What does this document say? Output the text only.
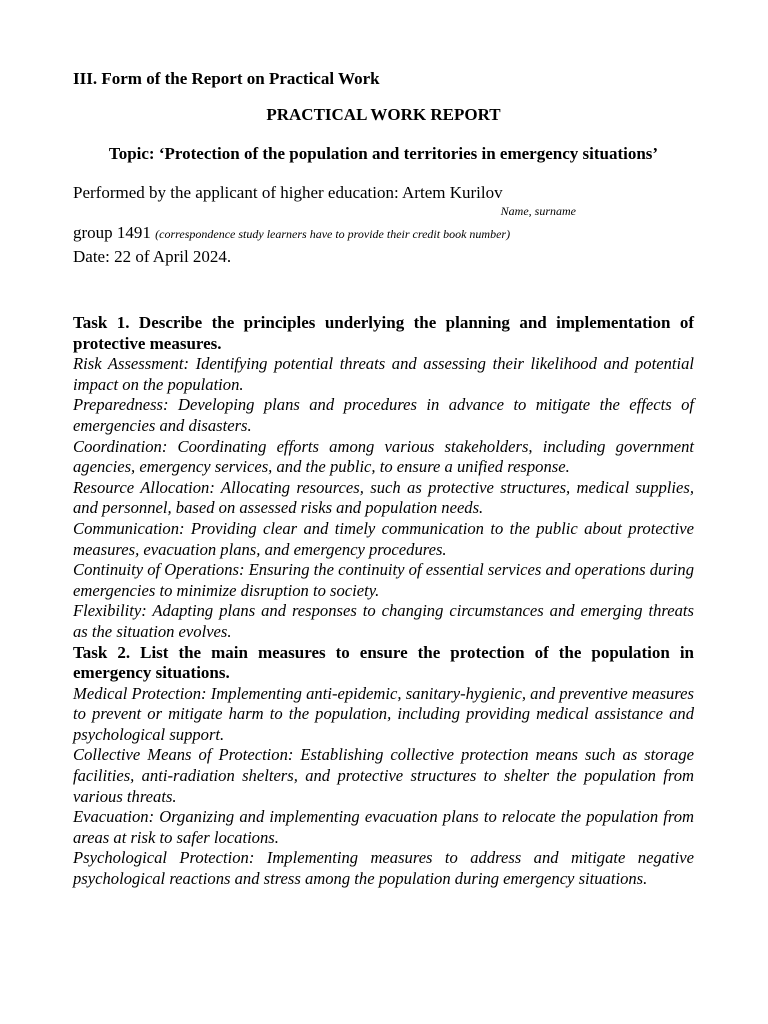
III. Form of the Report on Practical Work

PRACTICAL WORK REPORT

Topic: ‘Protection of the population and territories in emergency situations’

Performed by the applicant of higher education: Artem Kurilov

Name, surname

group 1491 (correspondence study learners have to provide their credit book number)

Date: 22 of April 2024.

Task 1. Describe the principles underlying the planning and implementation of protective measures.

Risk Assessment: Identifying potential threats and assessing their likelihood and potential impact on the population.

Preparedness: Developing plans and procedures in advance to mitigate the effects of emergencies and disasters.

Coordination: Coordinating efforts among various stakeholders, including government agencies, emergency services, and the public, to ensure a unified response.

Resource Allocation: Allocating resources, such as protective structures, medical supplies, and personnel, based on assessed risks and population needs.

Communication: Providing clear and timely communication to the public about protective measures, evacuation plans, and emergency procedures.

Continuity of Operations: Ensuring the continuity of essential services and operations during emergencies to minimize disruption to society.

Flexibility: Adapting plans and responses to changing circumstances and emerging threats as the situation evolves.

Task 2. List the main measures to ensure the protection of the population in emergency situations.

Medical Protection: Implementing anti-epidemic, sanitary-hygienic, and preventive measures to prevent or mitigate harm to the population, including providing medical assistance and psychological support.

Collective Means of Protection: Establishing collective protection means such as storage facilities, anti-radiation shelters, and protective structures to shelter the population from various threats.

Evacuation: Organizing and implementing evacuation plans to relocate the population from areas at risk to safer locations.

Psychological Protection: Implementing measures to address and mitigate negative psychological reactions and stress among the population during emergency situations.
